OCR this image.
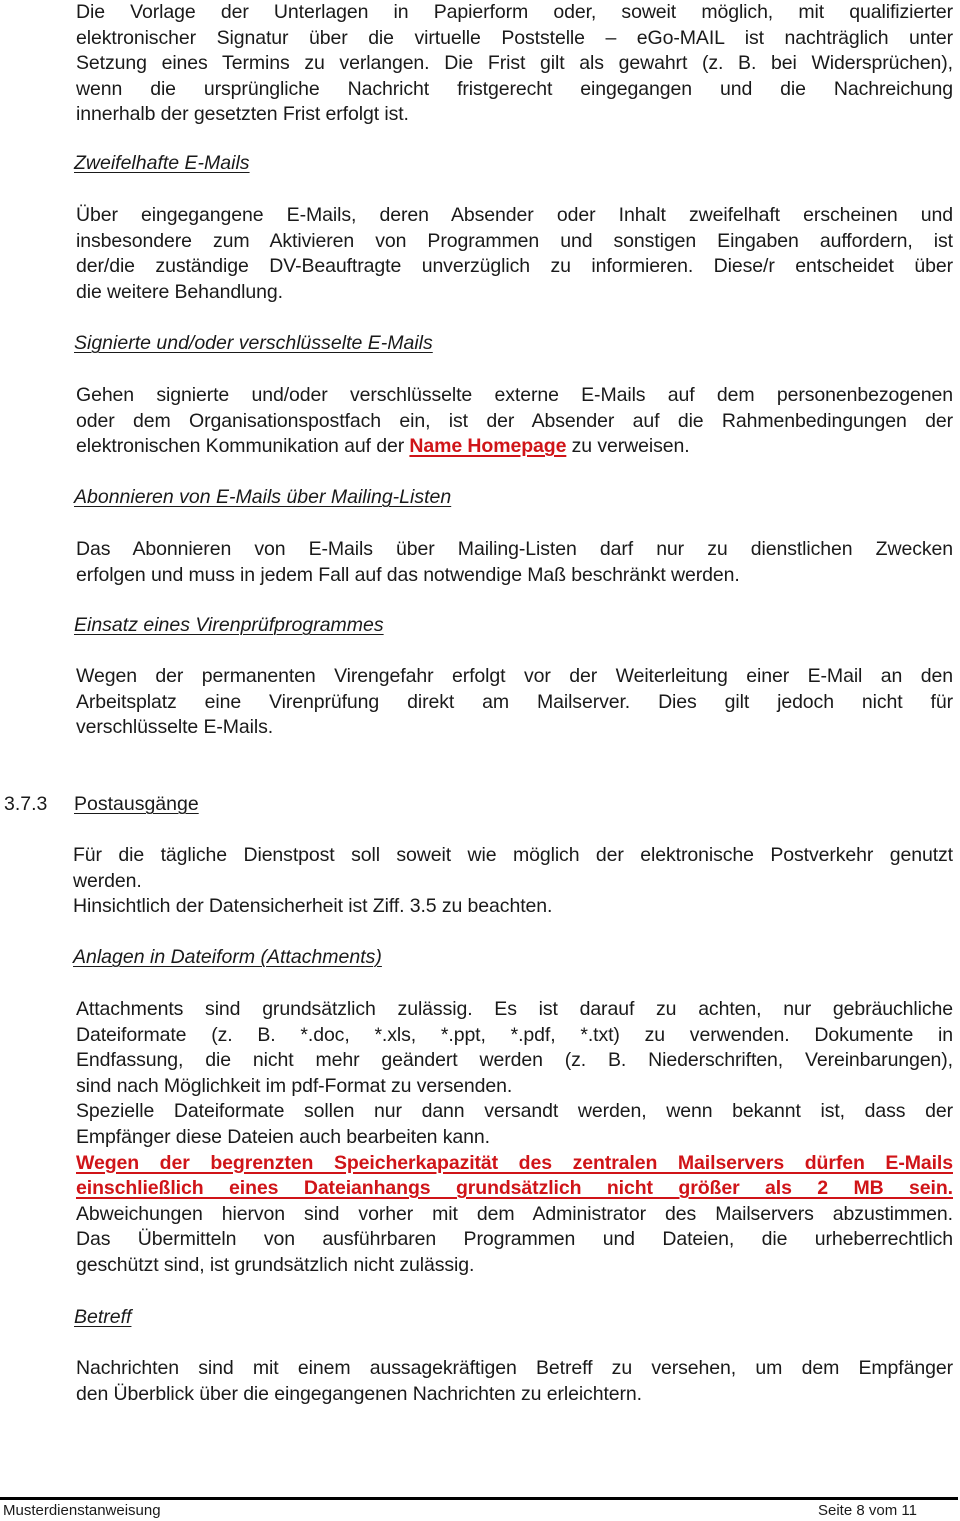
Die Vorlage der Unterlagen in Papierform oder, soweit möglich, mit qualifizierter
elektronischer Signatur über die virtuelle Poststelle – eGo-MAIL ist nachträglich unter
Setzung eines Termins zu verlangen. Die Frist gilt als gewahrt (z. B. bei Widersprüchen),
wenn die ursprüngliche Nachricht fristgerecht eingegangen und die Nachreichung
innerhalb der gesetzten Frist erfolgt ist.
Zweifelhafte E-Mails
Über eingegangene E-Mails, deren Absender oder Inhalt zweifelhaft erscheinen und
insbesondere zum Aktivieren von Programmen und sonstigen Eingaben auffordern, ist
der/die zuständige DV-Beauftragte unverzüglich zu informieren. Diese/r entscheidet über
die weitere Behandlung.
Signierte und/oder verschlüsselte E-Mails
Gehen signierte und/oder verschlüsselte externe E-Mails auf dem personenbezogenen
oder dem Organisationspostfach ein, ist der Absender auf die Rahmenbedingungen der
elektronischen Kommunikation auf der Name Homepage zu verweisen.
Abonnieren von E-Mails über Mailing-Listen
Das Abonnieren von E-Mails über Mailing-Listen darf nur zu dienstlichen Zwecken
erfolgen und muss in jedem Fall auf das notwendige Maß beschränkt werden.
Einsatz eines Virenprüfprogrammes
Wegen der permanenten Virengefahr erfolgt vor der Weiterleitung einer E-Mail an den
Arbeitsplatz eine Virenprüfung direkt am Mailserver. Dies gilt jedoch nicht für
verschlüsselte E-Mails.
3.7.3 Postausgänge
Für die tägliche Dienstpost soll soweit wie möglich der elektronische Postverkehr genutzt
werden.
Hinsichtlich der Datensicherheit ist Ziff. 3.5 zu beachten.
Anlagen in Dateiform (Attachments)
Attachments sind grundsätzlich zulässig. Es ist darauf zu achten, nur gebräuchliche
Dateiformate (z. B. *.doc, *.xls, *.ppt, *.pdf, *.txt) zu verwenden. Dokumente in
Endfassung, die nicht mehr geändert werden (z. B. Niederschriften, Vereinbarungen),
sind nach Möglichkeit im pdf-Format zu versenden.
Spezielle Dateiformate sollen nur dann versandt werden, wenn bekannt ist, dass der
Empfänger diese Dateien auch bearbeiten kann.
Wegen der begrenzten Speicherkapazität des zentralen Mailservers dürfen E-Mails
einschließlich eines Dateianhangs grundsätzlich nicht größer als 2 MB sein.
Abweichungen hiervon sind vorher mit dem Administrator des Mailservers abzustimmen.
Das Übermitteln von ausführbaren Programmen und Dateien, die urheberrechtlich
geschützt sind, ist grundsätzlich nicht zulässig.
Betreff
Nachrichten sind mit einem aussagekräftigen Betreff zu versehen, um dem Empfänger
den Überblick über die eingegangenen Nachrichten zu erleichtern.
Musterdienstanweisung	Seite 8 vom 11
